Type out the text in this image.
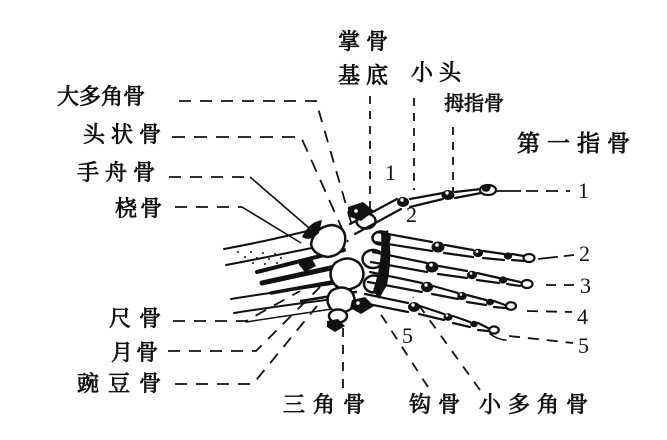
大多角骨
头状骨
手舟骨
桡骨
掌骨
基底 小头
拇指骨
第一指骨
尺骨
月骨
豌豆骨
三角骨 钩骨 小多角骨
1
2
5
1
2
3
4
5
